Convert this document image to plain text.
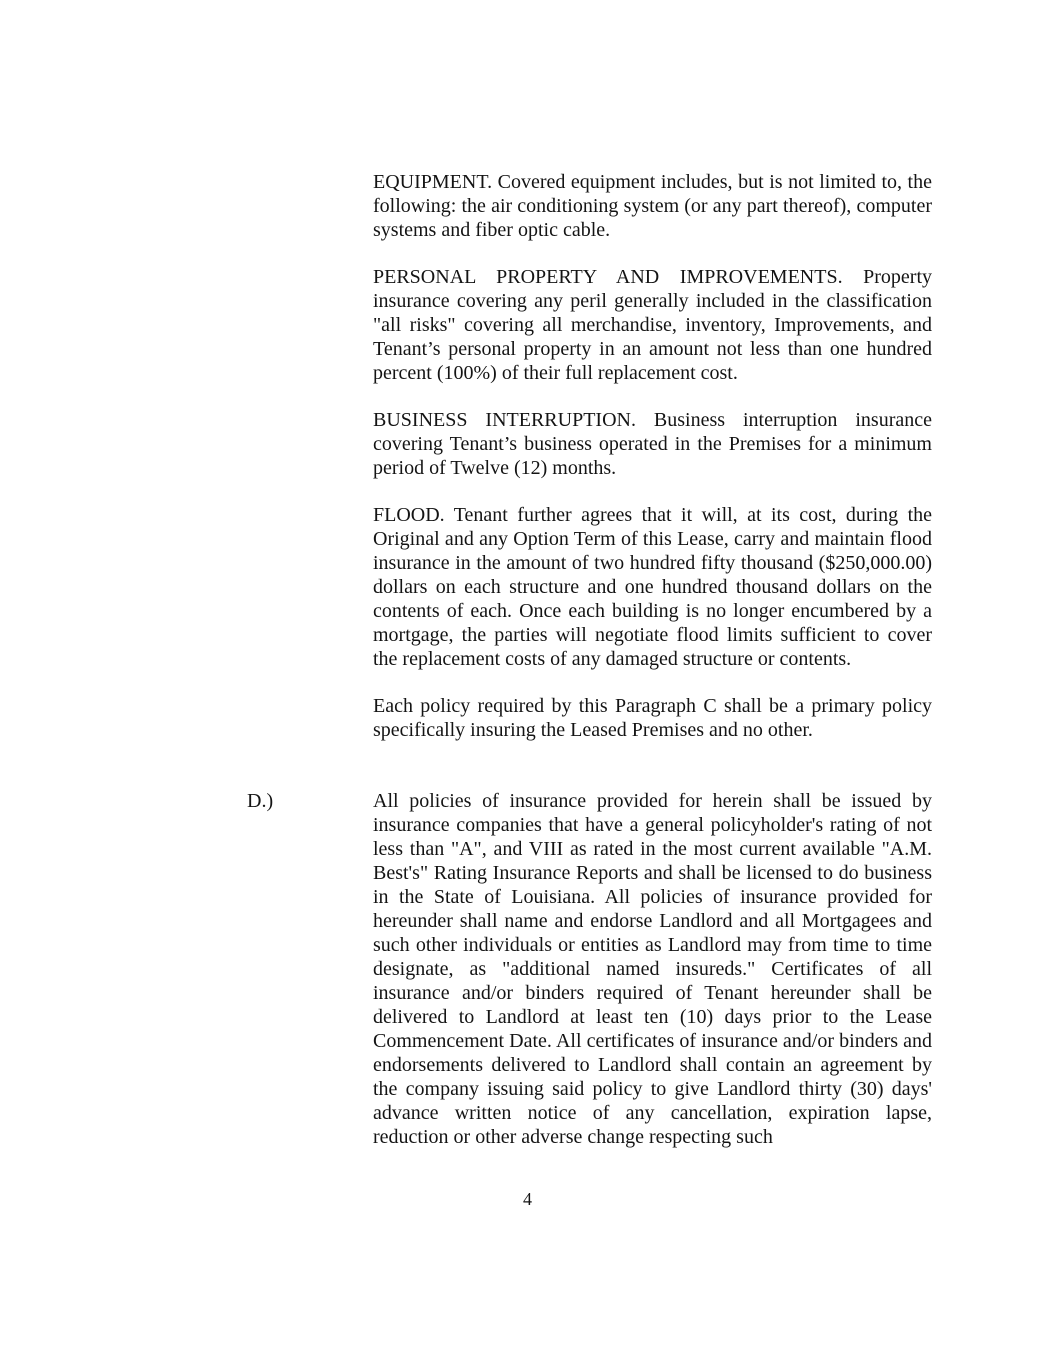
EQUIPMENT. Covered equipment includes, but is not limited to, the following: the air conditioning system (or any part thereof), computer systems and fiber optic cable.
PERSONAL PROPERTY AND IMPROVEMENTS. Property insurance covering any peril generally included in the classification "all risks" covering all merchandise, inventory, Improvements, and Tenant’s personal property in an amount not less than one hundred percent (100%) of their full replacement cost.
BUSINESS INTERRUPTION. Business interruption insurance covering Tenant’s business operated in the Premises for a minimum period of Twelve (12) months.
FLOOD. Tenant further agrees that it will, at its cost, during the Original and any Option Term of this Lease, carry and maintain flood insurance in the amount of two hundred fifty thousand ($250,000.00) dollars on each structure and one hundred thousand dollars on the contents of each. Once each building is no longer encumbered by a mortgage, the parties will negotiate flood limits sufficient to cover the replacement costs of any damaged structure or contents.
Each policy required by this Paragraph C shall be a primary policy specifically insuring the Leased Premises and no other.
D.)	All policies of insurance provided for herein shall be issued by insurance companies that have a general policyholder's rating of not less than "A", and VIII as rated in the most current available "A.M. Best's" Rating Insurance Reports and shall be licensed to do business in the State of Louisiana. All policies of insurance provided for hereunder shall name and endorse Landlord and all Mortgagees and such other individuals or entities as Landlord may from time to time designate, as "additional named insureds." Certificates of all insurance and/or binders required of Tenant hereunder shall be delivered to Landlord at least ten (10) days prior to the Lease Commencement Date. All certificates of insurance and/or binders and endorsements delivered to Landlord shall contain an agreement by the company issuing said policy to give Landlord thirty (30) days' advance written notice of any cancellation, expiration lapse, reduction or other adverse change respecting such
4
